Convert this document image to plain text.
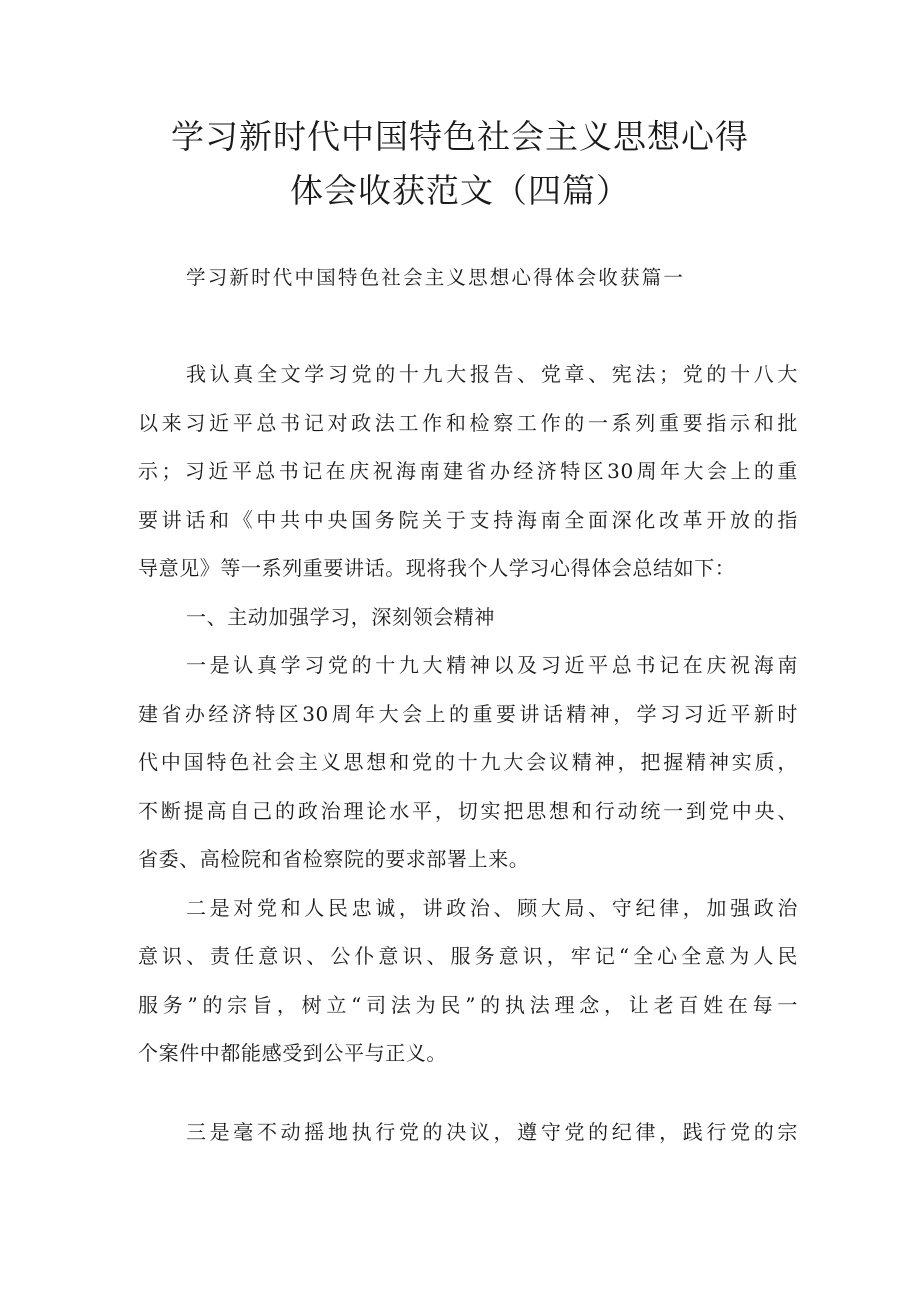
学习新时代中国特色社会主义思想心得
体会收获范文（四篇）
学习新时代中国特色社会主义思想心得体会收获篇一

我认真全文学习党的十九大报告、党章、宪法；党的十八大
以来习近平总书记对政法工作和检察工作的一系列重要指示和批
示；习近平总书记在庆祝海南建省办经济特区30周年大会上的重
要讲话和《中共中央国务院关于支持海南全面深化改革开放的指
导意见》等一系列重要讲话。现将我个人学习心得体会总结如下：

一、主动加强学习，深刻领会精神

一是认真学习党的十九大精神以及习近平总书记在庆祝海南
建省办经济特区30周年大会上的重要讲话精神，学习习近平新时
代中国特色社会主义思想和党的十九大会议精神，把握精神实质，
不断提高自己的政治理论水平，切实把思想和行动统一到党中央、
省委、高检院和省检察院的要求部署上来。

二是对党和人民忠诚，讲政治、顾大局、守纪律，加强政治
意识、责任意识、公仆意识、服务意识，牢记“全心全意为人民
服务”的宗旨，树立“司法为民”的执法理念，让老百姓在每一
个案件中都能感受到公平与正义。

三是毫不动摇地执行党的决议，遵守党的纪律，践行党的宗
